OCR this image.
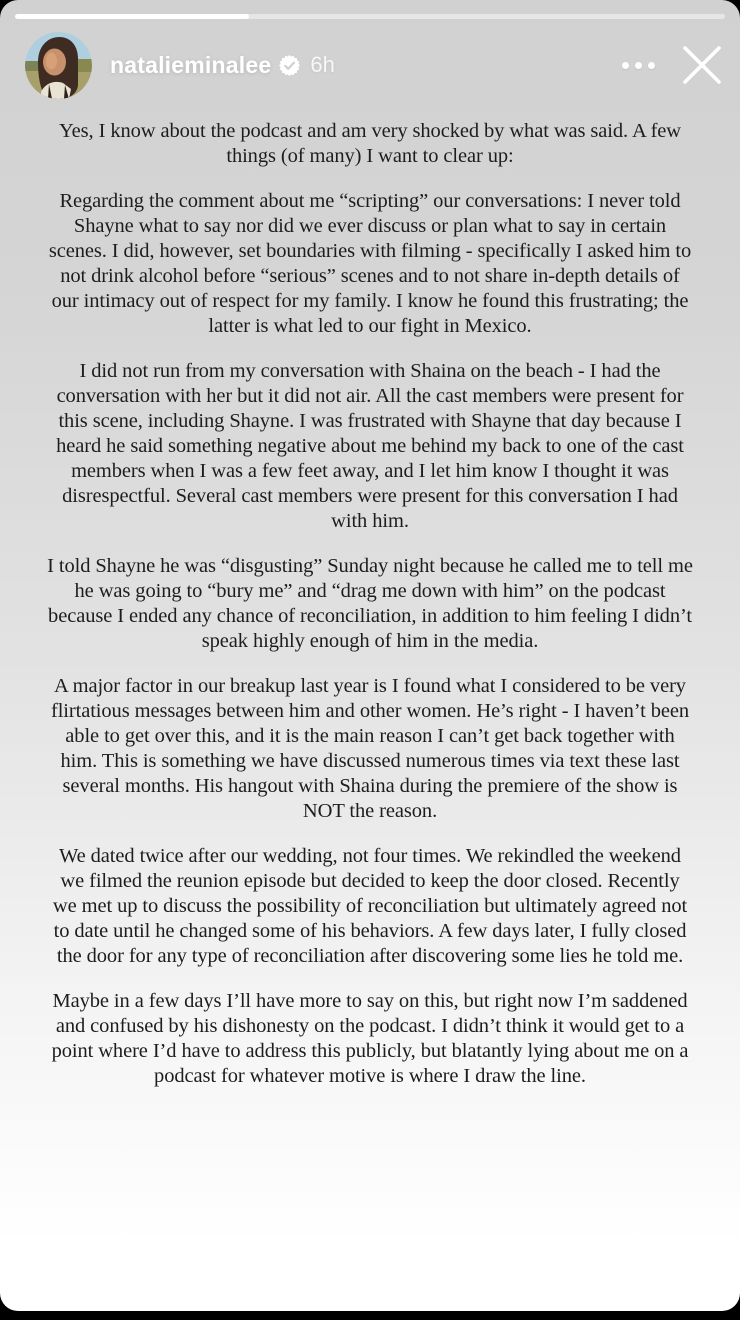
natalieminalee 6h

Yes, I know about the podcast and am very shocked by what was said. A few things (of many) I want to clear up:

Regarding the comment about me “scripting” our conversations: I never told Shayne what to say nor did we ever discuss or plan what to say in certain scenes. I did, however, set boundaries with filming - specifically I asked him to not drink alcohol before “serious” scenes and to not share in-depth details of our intimacy out of respect for my family. I know he found this frustrating; the latter is what led to our fight in Mexico.

I did not run from my conversation with Shaina on the beach - I had the conversation with her but it did not air. All the cast members were present for this scene, including Shayne. I was frustrated with Shayne that day because I heard he said something negative about me behind my back to one of the cast members when I was a few feet away, and I let him know I thought it was disrespectful. Several cast members were present for this conversation I had with him.

I told Shayne he was “disgusting” Sunday night because he called me to tell me he was going to “bury me” and “drag me down with him” on the podcast because I ended any chance of reconciliation, in addition to him feeling I didn’t speak highly enough of him in the media.

A major factor in our breakup last year is I found what I considered to be very flirtatious messages between him and other women. He’s right - I haven’t been able to get over this, and it is the main reason I can’t get back together with him. This is something we have discussed numerous times via text these last several months. His hangout with Shaina during the premiere of the show is NOT the reason.

We dated twice after our wedding, not four times. We rekindled the weekend we filmed the reunion episode but decided to keep the door closed. Recently we met up to discuss the possibility of reconciliation but ultimately agreed not to date until he changed some of his behaviors. A few days later, I fully closed the door for any type of reconciliation after discovering some lies he told me.

Maybe in a few days I’ll have more to say on this, but right now I’m saddened and confused by his dishonesty on the podcast. I didn’t think it would get to a point where I’d have to address this publicly, but blatantly lying about me on a podcast for whatever motive is where I draw the line.
